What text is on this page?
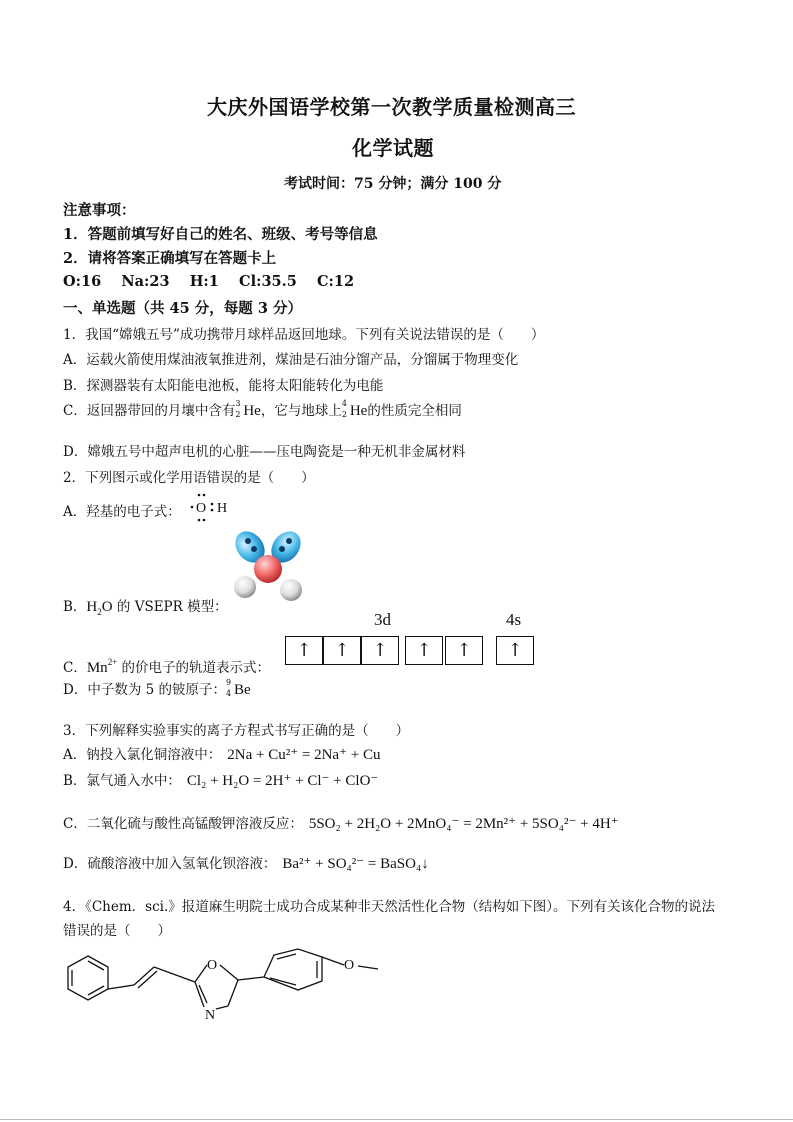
大庆外国语学校第一次教学质量检测高三
化学试题
考试时间：75 分钟；满分 100 分
注意事项：
1．答题前填写好自己的姓名、班级、考号等信息
2．请将答案正确填写在答题卡上
O:16    Na:23    H:1    Cl:35.5    C:12
一、单选题（共 45 分，每题 3 分）
1．我国“嫦娥五号”成功携带月球样品返回地球。下列有关说法错误的是（　　）
A．运载火箭使用煤油液氧推进剂，煤油是石油分馏产品，分馏属于物理变化
B．探测器装有太阳能电池板，能将太阳能转化为电能
C．返回器带回的月壤中含有 3
2 He，它与地球上 4
2 He的性质完全相同
D．嫦娥五号中超声电机的心脏——压电陶瓷是一种无机非金属材料
2．下列图示或化学用语错误的是（　　）
A．羟基的电子式： O H
B．$H_2O$ 的 VSEPR 模型：
3d	4s
↑	↑	↑	↑	↑	↑
C．$Mn^{2+}$ 的价电子的轨道表示式：
D．中子数为 5 的铍原子： 9
4 Be
3．下列解释实验事实的离子方程式书写正确的是（　　）
A．钠投入氯化铜溶液中： 2Na + Cu²⁺ = 2Na⁺ + Cu
B．氯气通入水中： Cl₂ + H₂O = 2H⁺ + Cl⁻ + ClO⁻
C．二氧化硫与酸性高锰酸钾溶液反应： 5SO₂ + 2H₂O + 2MnO₄⁻ = 2Mn²⁺ + 5SO₄²⁻ + 4H⁺
D．硫酸溶液中加入氢氧化钡溶液： Ba²⁺ + SO₄²⁻ = BaSO₄↓
4．《Chem．sci.》报道麻生明院士成功合成某种非天然活性化合物（结构如下图）。下列有关该化合物的说法
错误的是（　　）
O
N
O
